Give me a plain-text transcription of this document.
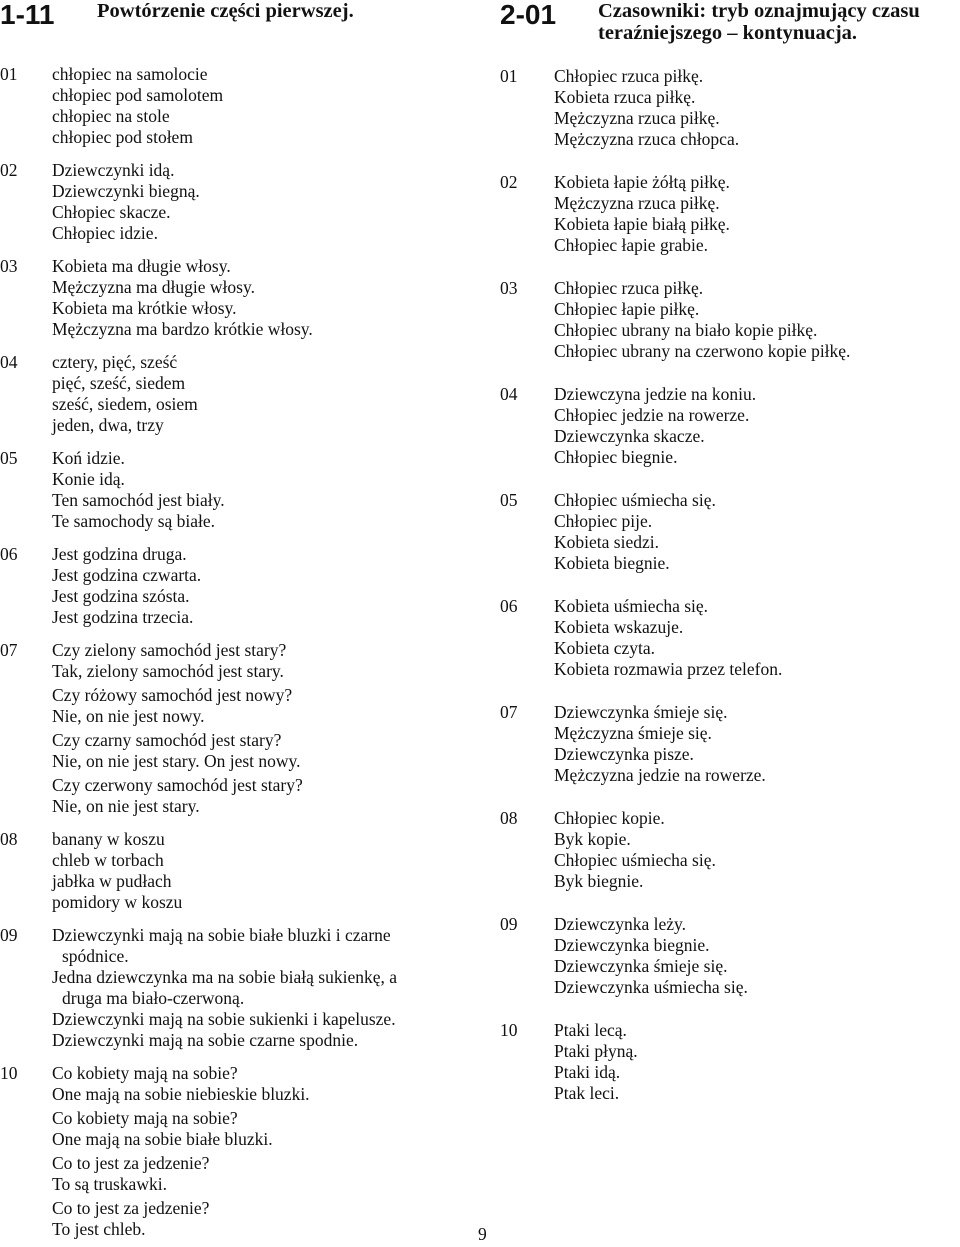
1-11 Powtórzenie części pierwszej.
01	chłopiec na samolocie
chłopiec pod samolotem
chłopiec na stole
chłopiec pod stołem
02	Dziewczynki idą.
Dziewczynki biegną.
Chłopiec skacze.
Chłopiec idzie.
03	Kobieta ma długie włosy.
Mężczyzna ma długie włosy.
Kobieta ma krótkie włosy.
Mężczyzna ma bardzo krótkie włosy.
04	cztery, pięć, sześć
pięć, sześć, siedem
sześć, siedem, osiem
jeden, dwa, trzy
05	Koń idzie.
Konie idą.
Ten samochód jest biały.
Te samochody są białe.
06	Jest godzina druga.
Jest godzina czwarta.
Jest godzina szósta.
Jest godzina trzecia.
07	Czy zielony samochód jest stary?
Tak, zielony samochód jest stary.
Czy różowy samochód jest nowy?
Nie, on nie jest nowy.
Czy czarny samochód jest stary?
Nie, on nie jest stary. On jest nowy.
Czy czerwony samochód jest stary?
Nie, on nie jest stary.
08	banany w koszu
chleb w torbach
jabłka w pudłach
pomidory w koszu
09	Dziewczynki mają na sobie białe bluzki i czarne
spódnice.
Jedna dziewczynka ma na sobie białą sukienkę, a
druga ma biało-czerwoną.
Dziewczynki mają na sobie sukienki i kapelusze.
Dziewczynki mają na sobie czarne spodnie.
10	Co kobiety mają na sobie?
One mają na sobie niebieskie bluzki.
Co kobiety mają na sobie?
One mają na sobie białe bluzki.
Co to jest za jedzenie?
To są truskawki.
Co to jest za jedzenie?
To jest chleb.
2-01 Czasowniki: tryb oznajmujący czasu
teraźniejszego – kontynuacja.
01	Chłopiec rzuca piłkę.
Kobieta rzuca piłkę.
Mężczyzna rzuca piłkę.
Mężczyzna rzuca chłopca.
02	Kobieta łapie żółtą piłkę.
Mężczyzna rzuca piłkę.
Kobieta łapie białą piłkę.
Chłopiec łapie grabie.
03	Chłopiec rzuca piłkę.
Chłopiec łapie piłkę.
Chłopiec ubrany na biało kopie piłkę.
Chłopiec ubrany na czerwono kopie piłkę.
04	Dziewczyna jedzie na koniu.
Chłopiec jedzie na rowerze.
Dziewczynka skacze.
Chłopiec biegnie.
05	Chłopiec uśmiecha się.
Chłopiec pije.
Kobieta siedzi.
Kobieta biegnie.
06	Kobieta uśmiecha się.
Kobieta wskazuje.
Kobieta czyta.
Kobieta rozmawia przez telefon.
07	Dziewczynka śmieje się.
Mężczyzna śmieje się.
Dziewczynka pisze.
Mężczyzna jedzie na rowerze.
08	Chłopiec kopie.
Byk kopie.
Chłopiec uśmiecha się.
Byk biegnie.
09	Dziewczynka leży.
Dziewczynka biegnie.
Dziewczynka śmieje się.
Dziewczynka uśmiecha się.
10	Ptaki lecą.
Ptaki płyną.
Ptaki idą.
Ptak leci.
9
